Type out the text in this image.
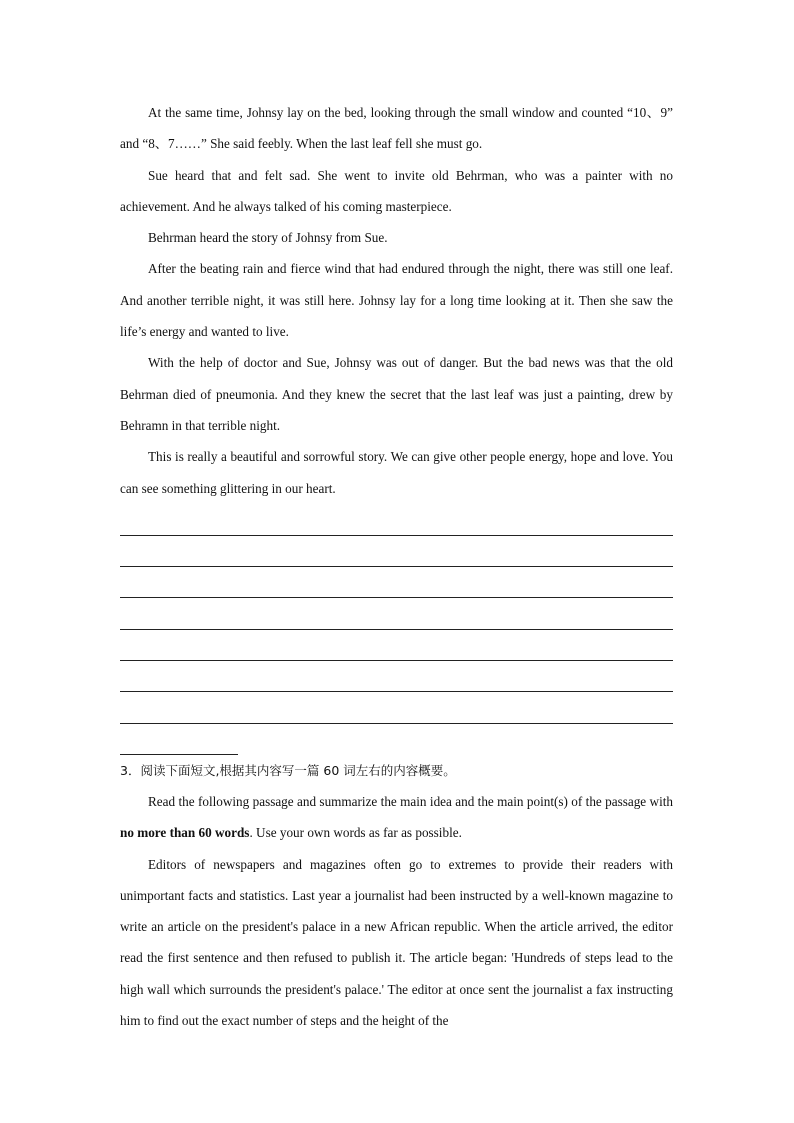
At the same time, Johnsy lay on the bed, looking through the small window and counted “10、9” and “8、7……” She said feebly. When the last leaf fell she must go.

Sue heard that and felt sad. She went to invite old Behrman, who was a painter with no achievement. And he always talked of his coming masterpiece.

Behrman heard the story of Johnsy from Sue.

After the beating rain and fierce wind that had endured through the night, there was still one leaf. And another terrible night, it was still here. Johnsy lay for a long time looking at it. Then she saw the life’s energy and wanted to live.

With the help of doctor and Sue, Johnsy was out of danger. But the bad news was that the old Behrman died of pneumonia. And they knew the secret that the last leaf was just a painting, drew by Behramn in that terrible night.

This is really a beautiful and sorrowful story. We can give other people energy, hope and love. You can see something glittering in our heart.

3．阅读下面短文,根据其内容写一篇 60 词左右的内容概要。

Read the following passage and summarize the main idea and the main point(s) of the passage with no more than 60 words. Use your own words as far as possible.

Editors of newspapers and magazines often go to extremes to provide their readers with unimportant facts and statistics. Last year a journalist had been instructed by a well-known magazine to write an article on the president's palace in a new African republic. When the article arrived, the editor read the first sentence and then refused to publish it. The article began: 'Hundreds of steps lead to the high wall which surrounds the president's palace.' The editor at once sent the journalist a fax instructing him to find out the exact number of steps and the height of the
